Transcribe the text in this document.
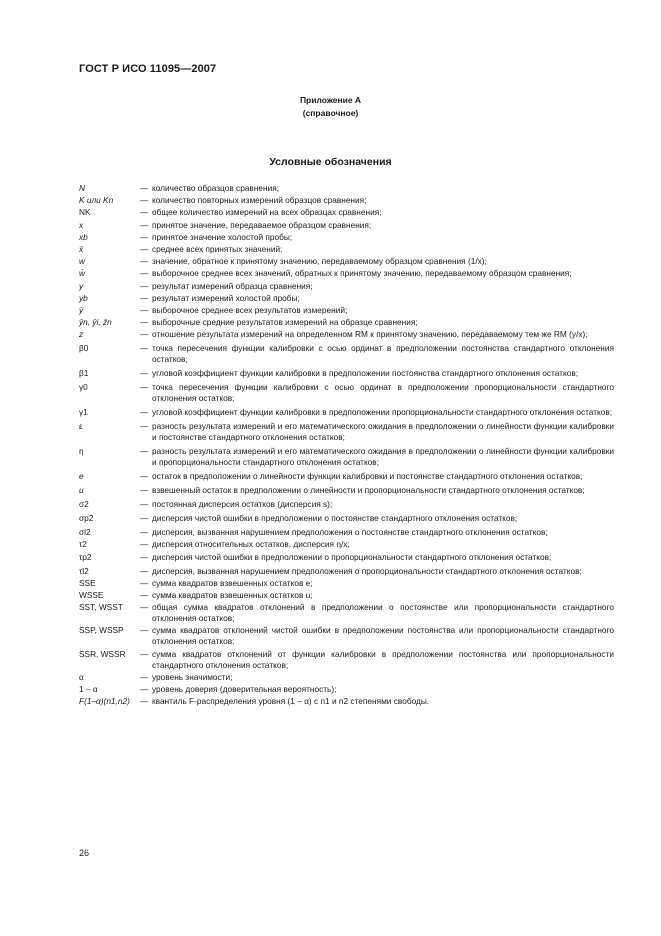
ГОСТ Р ИСО 11095—2007
Приложение А
(справочное)
Условные обозначения
N	— количество образцов сравнения;
K или Kn	— количество повторных измерений образцов сравнения;
NK	— общее количество измерений на всех образцах сравнения;
x	— принятое значение, передаваемое образцом сравнения;
xb	— принятое значение холостой пробы;
x̄	— среднее всех принятых значений;
w	— значение, обратное к принятому значению, передаваемому образцом сравнения (1/x);
w̄	— выборочное среднее всех значений, обратных к принятому значению, передаваемому образцом сравнения;
y	— результат измерений образца сравнения;
yb	— результат измерений холостой пробы;
ȳ	— выборочное среднее всех результатов измерений;
ȳn, ȳi, z̄n	— выборочные средние результатов измерений на образце сравнения;
z	— отношение результата измерений на определенном RM к принятому значению, передаваемому тем же RM (y/x);
β0	— точка пересечения функции калибровки с осью ординат в предположении постоянства стандартного отклонения остатков;
β1	— угловой коэффициент функции калибровки в предположении постоянства стандартного отклонения остатков;
γ0	— точка пересечения функции калибровки с осью ординат в предположении пропорциональности стандартного отклонения остатков;
γ1	— угловой коэффициент функции калибровки в предположении пропорциональности стандартного отклонения остатков;
ε	— разность результата измерений и его математического ожидания в предположении о линейности функции калибровки и постоянстве стандартного отклонения остатков;
η	— разность результата измерений и его математического ожидания в предположении о линейности функции калибровки и пропорциональности стандартного отклонения остатков;
e	— остаток в предположении о линейности функции калибровки и постоянстве стандартного отклонения остатков;
u	— взвешенный остаток в предположении о линейности и пропорциональности стандартного отклонения остатков;
σ2	— постоянная дисперсия остатков (дисперсия s);
σp2	— дисперсия чистой ошибки в предположении о постоянстве стандартного отклонения остатков;
σl2	— дисперсия, вызванная нарушением предположения о постоянстве стандартного отклонения остатков;
τ2	— дисперсия относительных остатков, дисперсия η/x;
τp2	— дисперсия чистой ошибки в предположении о пропорциональности стандартного отклонения остатков;
τl2	— дисперсия, вызванная нарушением предположения о пропорциональности стандартного отклонения остатков;
SSE	— сумма квадратов взвешенных остатков e;
WSSE	— сумма квадратов взвешенных остатков u;
SST, WSST	— общая сумма квадратов отклонений в предположении о постоянстве или пропорциональности стандартного отклонения остатков;
SSP, WSSP	— сумма квадратов отклонений чистой ошибки в предположении постоянства или пропорциональности стандартного отклонения остатков;
SSR, WSSR	— сумма квадратов отклонений от функции калибровки в предположении постоянства или пропорциональности стандартного отклонения остатков;
α	— уровень значимости;
1 – α	— уровень доверия (доверительная вероятность);
F(1–α)(n1,n2)	— квантиль F-распределения уровня (1 – α) с n1 и n2 степенями свободы.
26
